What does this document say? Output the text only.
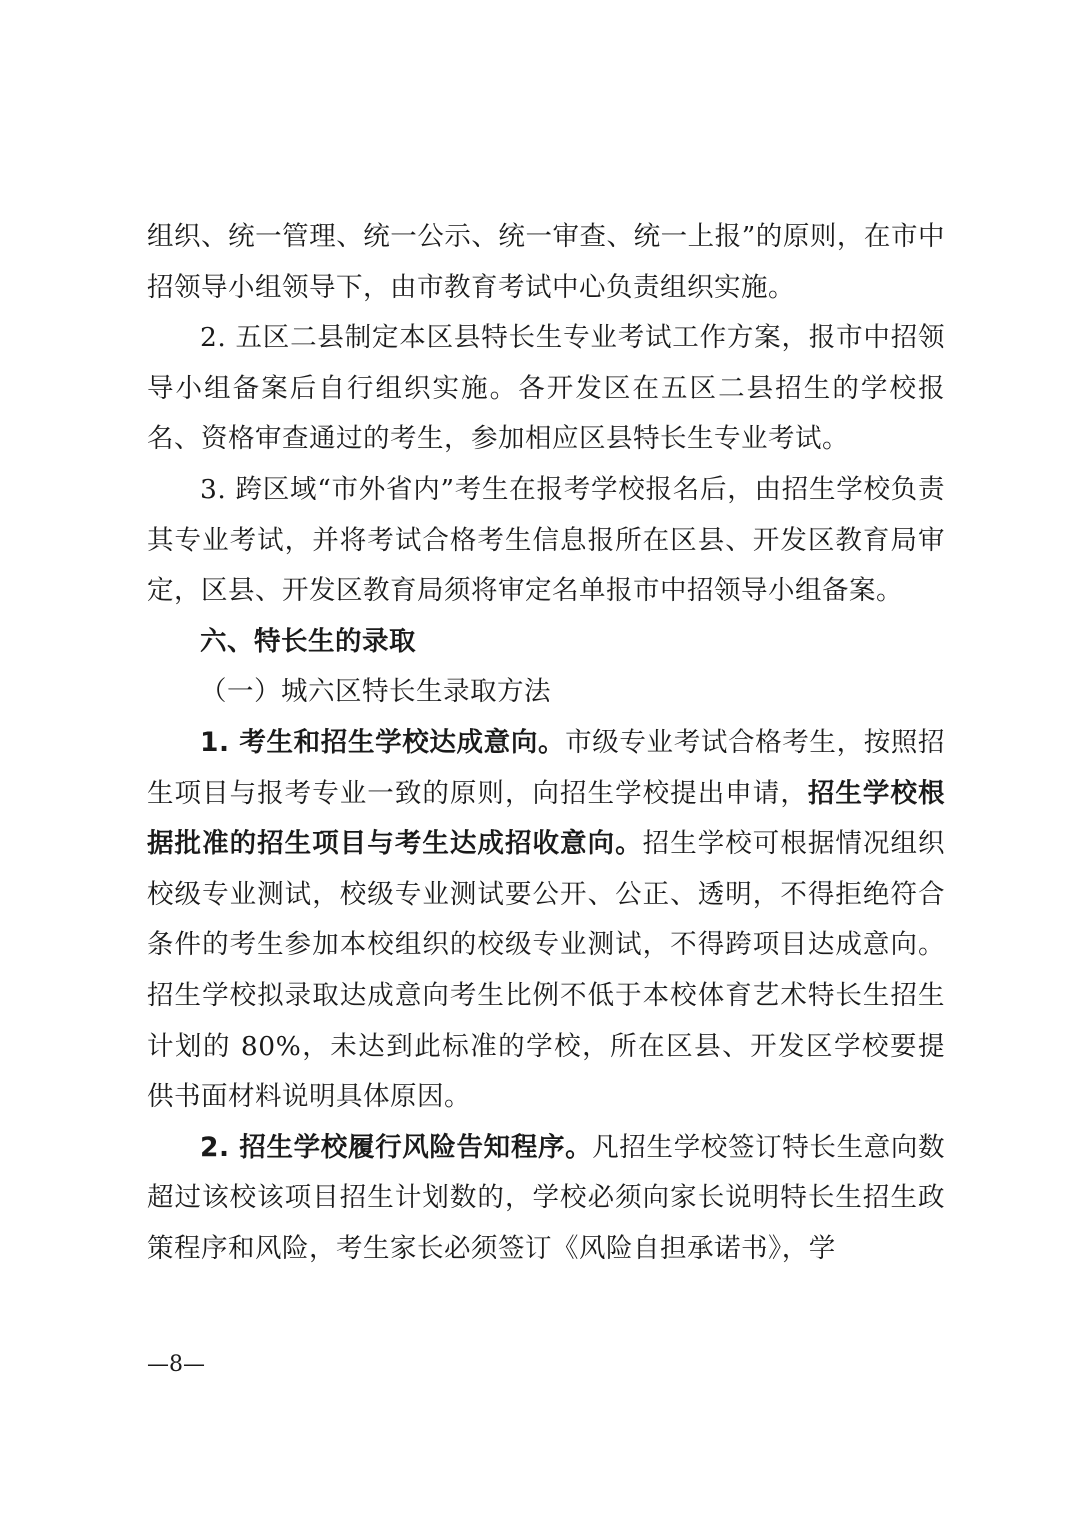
组织、统一管理、统一公示、统一审查、统一上报”的原则，在市中招领导小组领导下，由市教育考试中心负责组织实施。

2. 五区二县制定本区县特长生专业考试工作方案，报市中招领导小组备案后自行组织实施。各开发区在五区二县招生的学校报名、资格审查通过的考生，参加相应区县特长生专业考试。

3. 跨区域“市外省内”考生在报考学校报名后，由招生学校负责其专业考试，并将考试合格考生信息报所在区县、开发区教育局审定，区县、开发区教育局须将审定名单报市中招领导小组备案。

六、特长生的录取

（一）城六区特长生录取方法

1. 考生和招生学校达成意向。市级专业考试合格考生，按照招生项目与报考专业一致的原则，向招生学校提出申请，招生学校根据批准的招生项目与考生达成招收意向。招生学校可根据情况组织校级专业测试，校级专业测试要公开、公正、透明，不得拒绝符合条件的考生参加本校组织的校级专业测试，不得跨项目达成意向。招生学校拟录取达成意向考生比例不低于本校体育艺术特长生招生计划的 80%，未达到此标准的学校，所在区县、开发区学校要提供书面材料说明具体原因。

2. 招生学校履行风险告知程序。凡招生学校签订特长生意向数超过该校该项目招生计划数的，学校必须向家长说明特长生招生政策程序和风险，考生家长必须签订《风险自担承诺书》，学

—8—
